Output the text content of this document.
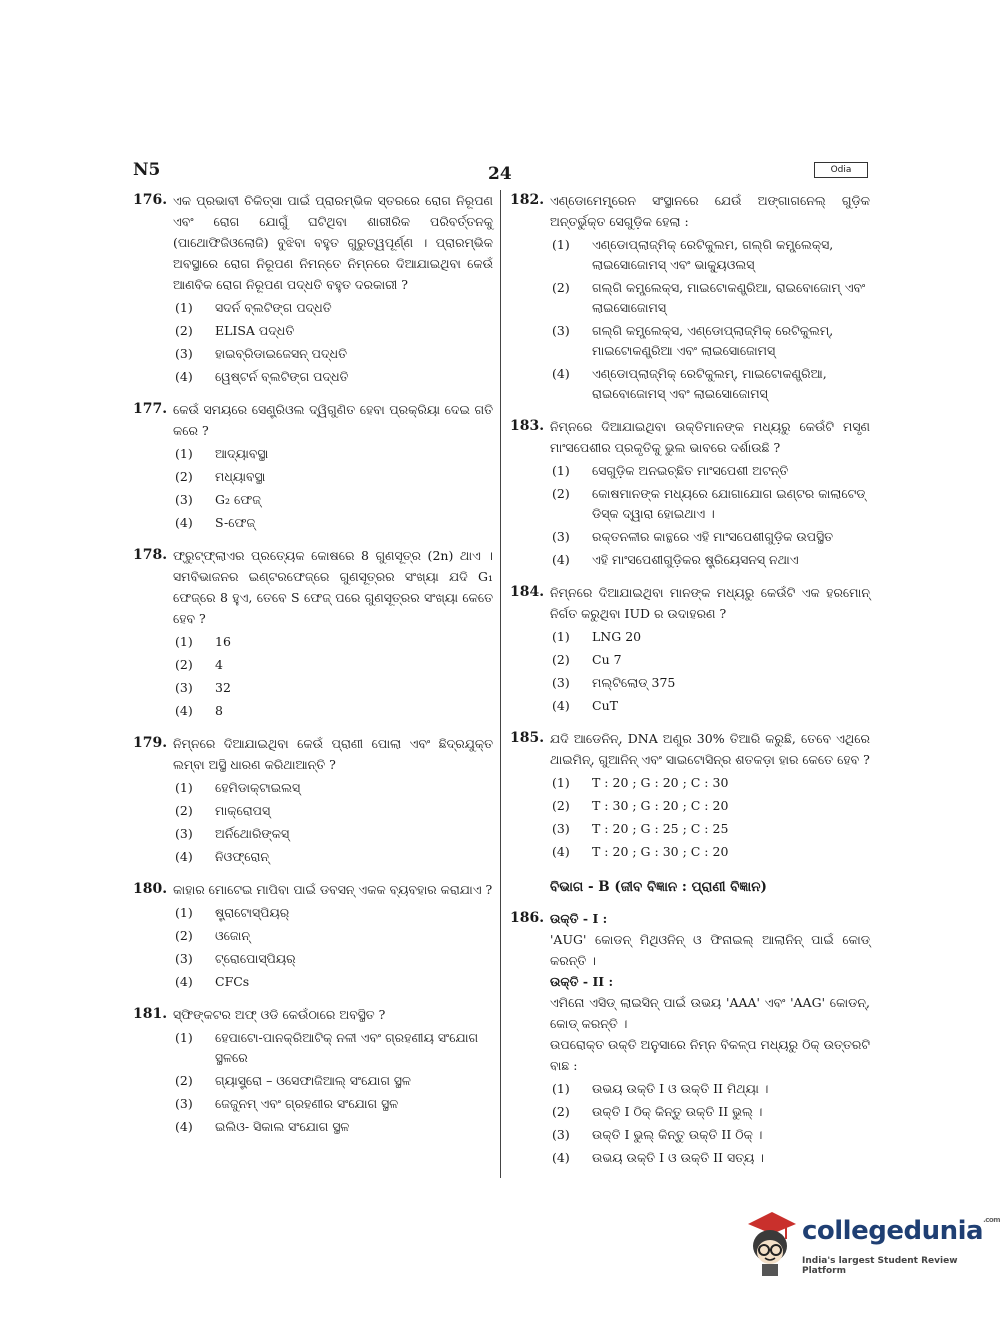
N5	24	Odia
176. ଏକ ପ୍ରଭାବୀ ଚିକିତ୍ସା ପାଇଁ ପ୍ରାରମ୍ଭିକ ସ୍ତରରେ ରୋଗ ନିରୂପଣ ଏବଂ ରୋଗ ଯୋଗୁଁ ଘଟିଥିବା ଶାରୀରିକ ପରିବର୍ତ୍ତନକୁ (ପାଥୋଫିଜିଓଲୋଜି) ବୁଝିବା ବହୁତ ଗୁରୁତ୍ୱପୂର୍ଣ୍ଣ । ପ୍ରାରମ୍ଭିକ ଅବସ୍ଥାରେ ରୋଗ ନିରୂପଣ ନିମନ୍ତେ ନିମ୍ନରେ ଦିଆଯାଇଥିବା କେଉଁ ଆଣବିକ ରୋଗ ନିରୂପଣ ପଦ୍ଧତି ବହୁତ ଦରକାରୀ ?
(1) ସଦର୍ନ ବ୍ଲଟିଙ୍ଗ ପଦ୍ଧତି
(2) ELISA ପଦ୍ଧତି
(3) ହାଇବ୍ରିଡାଇଜେସନ୍ ପଦ୍ଧତି
(4) ୱେଷ୍ଟର୍ନ ବ୍ଲଟିଙ୍ଗ ପଦ୍ଧତି
177. କେଉଁ ସମୟରେ ସେଣ୍ଟ୍ରିଓଲ ଦ୍ୱିଗୁଣିତ ହେବା ପ୍ରକ୍ରିୟା ଦେଇ ଗତି କରେ ?
(1) ଆଦ୍ୟାବସ୍ଥା
(2) ମଧ୍ୟାବସ୍ଥା
(3) G₂ ଫେଜ୍
(4) S-ଫେଜ୍
178. ଫ୍ରୁଟ୍‌ଫ୍ଲାଏର ପ୍ରତ୍ୟେକ କୋଷରେ 8 ଗୁଣସୂତ୍ର (2n) ଥାଏ । ସମବିଭାଜନର ଇଣ୍ଟରଫେଜ୍‌ରେ ଗୁଣସୂତ୍ରର ସଂଖ୍ୟା ଯଦି G₁ ଫେଜ୍‌ରେ 8 ହୁଏ, ତେବେ S ଫେଜ୍ ପରେ ଗୁଣସୂତ୍ରର ସଂଖ୍ୟା କେତେ ହେବ ?
(1) 16
(2) 4
(3) 32
(4) 8
179. ନିମ୍ନରେ ଦିଆଯାଇଥିବା କେଉଁ ପ୍ରାଣୀ ପୋଲା ଏବଂ ଛିଦ୍ରଯୁକ୍ତ ଲମ୍ବା ଅସ୍ଥି ଧାରଣ କରିଥାଆନ୍ତି ?
(1) ହେମିଡାକ୍ଟାଇଲସ୍
(2) ମାକ୍ରୋପସ୍
(3) ଅର୍ନିଥୋରିଙ୍କସ୍
(4) ନିଓଫ୍ରୋନ୍
180. କାହାର ମୋଟେଇ ମାପିବା ପାଇଁ ଡବସନ୍ ଏକକ ବ୍ୟବହାର କରାଯାଏ ?
(1) ଷ୍ଟ୍ରାଟୋସ୍ପିୟର୍
(2) ଓଜୋନ୍
(3) ଟ୍ରୋପୋସ୍ପିୟର୍
(4) CFCs
181. ସ୍ଫିଙ୍କଟର ଅଫ୍ ଓଡି କେଉଁଠାରେ ଅବସ୍ଥିତ ?
(1) ହେପାଟୋ-ପାନକ୍ରିଆଟିକ୍ ନଳୀ ଏବଂ ଗ୍ରହଣୀୟ ସଂଯୋଗ ସ୍ଥଳରେ
(2) ଗ୍ୟାସ୍ଟ୍ରୋ – ଓସେଫାଜିଆଲ୍ ସଂଯୋଗ ସ୍ଥଳ
(3) ଜେଜୁନମ୍ ଏବଂ ଗ୍ରହଣୀର ସଂଯୋଗ ସ୍ଥଳ
(4) ଇଲିଓ- ସିକାଲ ସଂଯୋଗ ସ୍ଥଳ
182. ଏଣ୍ଡୋମେମ୍ବ୍ରେନ ସଂସ୍ଥାନରେ ଯେଉଁ ଅଙ୍ଗାଗନେଲ୍ ଗୁଡ଼ିକ ଅନ୍ତର୍ଭୁକ୍ତ ସେଗୁଡ଼ିକ ହେଲା :
(1) ଏଣ୍ଡୋପ୍ଲାଜ୍‌ମିକ୍ ରେଟିକୁଲମ, ଗଲ୍‌ଗି କମ୍ପ୍ଲେକ୍ସ, ଲାଇସୋଜୋମସ୍ ଏବଂ ଭାକ୍ୟୁଓଲସ୍
(2) ଗଲ୍‌ଗି କମ୍ପ୍ଲେକ୍ସ, ମାଇଟୋକଣ୍ଡ୍ରିଆ, ରାଇବୋଜୋମ୍ ଏବଂ ଲାଇସୋଜୋମସ୍
(3) ଗଲ୍‌ଗି କମ୍ପ୍ଲେକ୍ସ, ଏଣ୍ଡୋପ୍ଲାଜ୍‌ମିକ୍ ରେଟିକୁଲମ୍, ମାଇଟୋକଣ୍ଡ୍ରିଆ ଏବଂ ଲାଇସୋଜୋମସ୍
(4) ଏଣ୍ଡୋପ୍ଲାଜ୍‌ମିକ୍ ରେଟିକୁଲମ୍, ମାଇଟୋକଣ୍ଡ୍ରିଆ, ରାଇବୋଜୋମସ୍ ଏବଂ ଲାଇସୋଜୋମସ୍
183. ନିମ୍ନରେ ଦିଆଯାଇଥିବା ଉକ୍ତିମାନଙ୍କ ମଧ୍ୟରୁ କେଉଁଟି ମସୃଣ ମାଂସପେଶୀର ପ୍ରକୃତିକୁ ଭୁଲ ଭାବରେ ଦର୍ଶାଉଛି ?
(1) ସେଗୁଡ଼ିକ ଅନଇଚ୍ଛିତ ମାଂସପେଶୀ ଅଟନ୍ତି
(2) କୋଷମାନଙ୍କ ମଧ୍ୟରେ ଯୋଗାଯୋଗ ଇଣ୍ଟର କାଲାଟେଡ୍ ଡିସ୍କ ଦ୍ୱାରା ହୋଇଥାଏ ।
(3) ରକ୍ତନଳୀର କାନ୍ଥରେ ଏହି ମାଂସପେଶୀଗୁଡ଼ିକ ଉପସ୍ଥିତ
(4) ଏହି ମାଂସପେଶୀଗୁଡ଼ିକର ଷ୍ଟ୍ରିୟେସନସ୍ ନଥାଏ
184. ନିମ୍ନରେ ଦିଆଯାଇଥିବା ମାନଙ୍କ ମଧ୍ୟରୁ କେଉଁଟି ଏକ ହରମୋନ୍ ନିର୍ଗତ କରୁଥିବା IUD ର ଉଦାହରଣ ?
(1) LNG 20
(2) Cu 7
(3) ମଲ୍ଟିଲୋଡ୍ 375
(4) CuT
185. ଯଦି ଆଡେନିନ୍, DNA ଅଣୁର 30% ତିଆରି କରୁଛି, ତେବେ ଏଥିରେ ଥାଇମିନ୍, ଗୁଆନିନ୍ ଏବଂ ସାଇଟୋସିନ୍‌ର ଶତକଡ଼ା ହାର କେତେ ହେବ ?
(1) T : 20 ; G : 20 ; C : 30
(2) T : 30 ; G : 20 ; C : 20
(3) T : 20 ; G : 25 ; C : 25
(4) T : 20 ; G : 30 ; C : 20
ବିଭାଗ - B (ଜୀବ ବିଜ୍ଞାନ : ପ୍ରାଣୀ ବିଜ୍ଞାନ)
186. ଉକ୍ତି - I :
'AUG' କୋଡନ୍ ମିଥିଓନିନ୍ ଓ ଫିନାଇଲ୍ ଆଲାନିନ୍ ପାଇଁ କୋଡ୍ କରନ୍ତି ।
ଉକ୍ତି - II :
ଏମିନୋ ଏସିଡ୍ ଲାଇସିନ୍ ପାଇଁ ଉଭୟ 'AAA' ଏବଂ 'AAG' କୋଡନ୍, କୋଡ୍ କରନ୍ତି ।
ଉପରୋକ୍ତ ଉକ୍ତି ଅନୁସାରେ ନିମ୍ନ ବିକଳ୍ପ ମଧ୍ୟରୁ ଠିକ୍ ଉତ୍ତରଟି ବାଛ :
(1) ଉଭୟ ଉକ୍ତି I ଓ ଉକ୍ତି II ମିଥ୍ୟା ।
(2) ଉକ୍ତି I ଠିକ୍ କିନ୍ତୁ ଉକ୍ତି II ଭୁଲ୍ ।
(3) ଉକ୍ତି I ଭୁଲ୍ କିନ୍ତୁ ଉକ୍ତି II ଠିକ୍ ।
(4) ଉଭୟ ଉକ୍ତି I ଓ ଉକ୍ତି II ସତ୍ୟ ।
collegedunia$^{.com}$
India's largest Student Review Platform
